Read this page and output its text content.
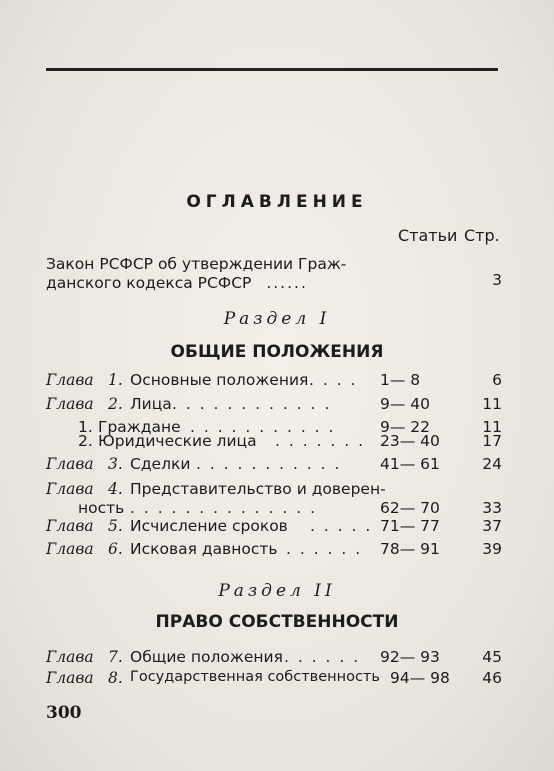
ОГЛАВЛЕНИЕ
Статьи Стр.
Закон РСФСР об утверждении Граж-
данского кодекса РСФСР ......	3
Раздел I
ОБЩИЕ ПОЛОЖЕНИЯ
Глава 1. Основные положения . . . . 1— 8	6
Глава 2. Лица . . . . . . . . . . . .	9— 40	11
1. Граждане . . . . . . . . . . .	9— 22	11
2. Юридические лица . . . . . . . 23— 40	17
Глава 3. Сделки . . . . . . . . . . . 41— 61	24
Глава 4. Представительство и доверен-
ность . . . . . . . . . . . . . .	62— 70	33
Глава 5. Исчисление сроков . . . . . 71— 77	37
Глава 6. Исковая давность . . . . . . 78— 91	39
Раздел II
ПРАВО СОБСТВЕННОСТИ
Глава 7. Общие положения . . . . . . 92— 93	45
Глава 8. Государственная собственность 94— 98	46
300
